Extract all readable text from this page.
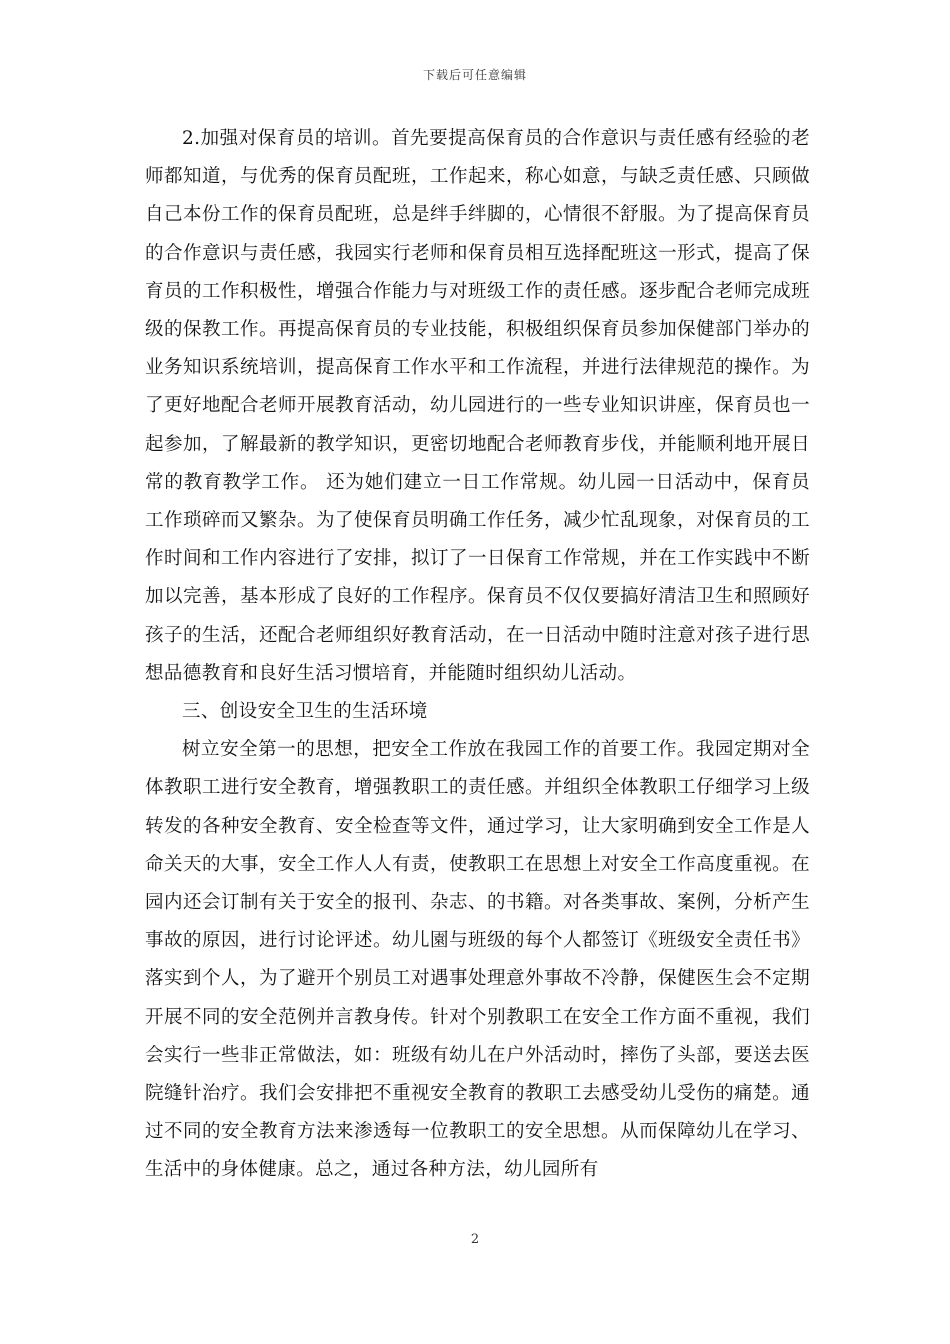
下载后可任意编辑

2.加强对保育员的培训。首先要提高保育员的合作意识与责任感有经验的老师都知道，与优秀的保育员配班，工作起来，称心如意，与缺乏责任感、只顾做自己本份工作的保育员配班，总是绊手绊脚的，心情很不舒服。为了提高保育员的合作意识与责任感，我园实行老师和保育员相互选择配班这一形式，提高了保育员的工作积极性，增强合作能力与对班级工作的责任感。逐步配合老师完成班级的保教工作。再提高保育员的专业技能，积极组织保育员参加保健部门举办的业务知识系统培训，提高保育工作水平和工作流程，并进行法律规范的操作。为了更好地配合老师开展教育活动，幼儿园进行的一些专业知识讲座，保育员也一起参加，了解最新的教学知识，更密切地配合老师教育步伐，并能顺利地开展日常的教育教学工作。 还为她们建立一日工作常规。幼儿园一日活动中，保育员工作琐碎而又繁杂。为了使保育员明确工作任务，减少忙乱现象，对保育员的工作时间和工作内容进行了安排，拟订了一日保育工作常规，并在工作实践中不断加以完善，基本形成了良好的工作程序。保育员不仅仅要搞好清洁卫生和照顾好孩子的生活，还配合老师组织好教育活动，在一日活动中随时注意对孩子进行思想品德教育和良好生活习惯培育，并能随时组织幼儿活动。

三、创设安全卫生的生活环境

树立安全第一的思想，把安全工作放在我园工作的首要工作。我园定期对全体教职工进行安全教育，增强教职工的责任感。并组织全体教职工仔细学习上级转发的各种安全教育、安全检查等文件，通过学习，让大家明确到安全工作是人命关天的大事，安全工作人人有责，使教职工在思想上对安全工作高度重视。在园内还会订制有关于安全的报刊、杂志、的书籍。对各类事故、案例，分析产生事故的原因，进行讨论评述。幼儿園与班级的每个人都签订《班级安全责任书》落实到个人，为了避开个别员工对遇事处理意外事故不冷静，保健医生会不定期开展不同的安全范例并言教身传。针对个别教职工在安全工作方面不重视，我们会实行一些非正常做法，如：班级有幼儿在户外活动时，摔伤了头部，要送去医院缝针治疗。我们会安排把不重视安全教育的教职工去感受幼儿受伤的痛楚。通过不同的安全教育方法来渗透每一位教职工的安全思想。从而保障幼儿在学习、生活中的身体健康。总之，通过各种方法，幼儿园所有

2
